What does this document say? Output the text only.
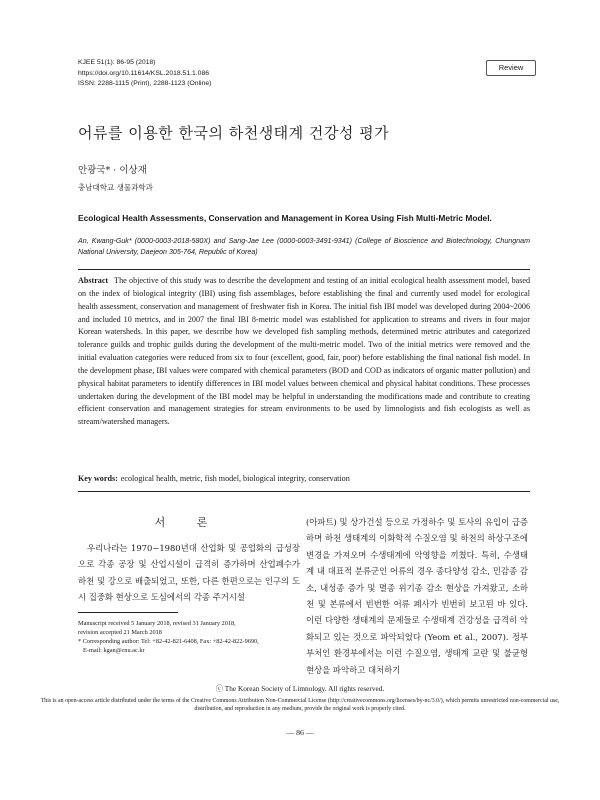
KJEE 51(1): 86-95 (2018)
https://doi.org/10.11614/KSL.2018.51.1.086
ISSN: 2288-1115 (Print), 2288-1123 (Online)
Review
어류를 이용한 한국의 하천생태계 건강성 평가
안광국* · 이상재
충남대학교 생물과학과
Ecological Health Assessments, Conservation and Management in Korea Using Fish Multi-Metric Model.
An, Kwang-Guk* (0000-0003-2018-580X) and Sang-Jae Lee (0000-0003-3491-9341) (College of Bioscience and Biotechnology, Chungnam National University, Daejeon 305-764, Republic of Korea)
Abstract The objective of this study was to describe the development and testing of an initial ecological health assessment model, based on the index of biological integrity (IBI) using fish assemblages, before establishing the final and currently used model for ecological health assessment, conservation and management of freshwater fish in Korea. The initial fish IBI model was developed during 2004~2006 and included 10 metrics, and in 2007 the final IBI 8-metric model was established for application to streams and rivers in four major Korean watersheds. In this paper, we describe how we developed fish sampling methods, determined metric attributes and categorized tolerance guilds and trophic guilds during the development of the multi-metric model. Two of the initial metrics were removed and the initial evaluation categories were reduced from six to four (excellent, good, fair, poor) before establishing the final national fish model. In the development phase, IBI values were compared with chemical parameters (BOD and COD as indicators of organic matter pollution) and physical habitat parameters to identify differences in IBI model values between chemical and physical habitat conditions. These processes undertaken during the development of the IBI model may be helpful in understanding the modifications made and contribute to creating efficient conservation and management strategies for stream environments to be used by limnologists and fish ecologists as well as stream/watershed managers.
Key words: ecological health, metric, fish model, biological integrity, conservation
서 론
우리나라는 1970~1980년대 산업화 및 공업화의 급성장으로 각종 공장 및 산업시설이 급격히 증가하며 산업폐수가 하천 및 강으로 배출되었고, 또한, 다른 한편으로는 인구의 도시 집중화 현상으로 도심에서의 각종 주거시설
(아파트) 및 상가건설 등으로 가정하수 및 토사의 유입이 급증하며 하천 생태계의 이화학적 수질오염 및 하천의 하상구조에 변경을 가져오며 수생태계에 악영향을 끼쳤다. 특히, 수생태계 내 대표적 분류군인 어류의 경우 종다양성 감소, 민감종 감소, 내성종 증가 및 멸종 위기종 감소 현상을 가져왔고, 소하천 및 본류에서 빈번한 어류 폐사가 빈번히 보고된 바 있다. 이런 다양한 생태계의 문제들로 수생태계 건강성을 급격히 악화되고 있는 것으로 파악되었다 (Yeom et al., 2007). 정부 부처인 환경부에서는 이런 수질오염, 생태계 교란 및 불균형 현상을 파악하고 대처하기
Manuscript received 5 January 2018, revised 31 January 2018,
revision accepted 21 March 2018
* Corresponding author: Tel: +82-42-821-6408, Fax: +82-42-822-9690,
E-mail: kgan@cnu.ac.kr
ⓒ The Korean Society of Limnology. All rights reserved.
This is an open-access article distributed under the terms of the Creative Commons Attribution Non-Commercial License (http://creativecommons.org/licenses/by-nc/3.0/), which permits unrestricted non-commercial use, distribution, and reproduction in any medium, provide the original work is properly cited.
— 86 —
